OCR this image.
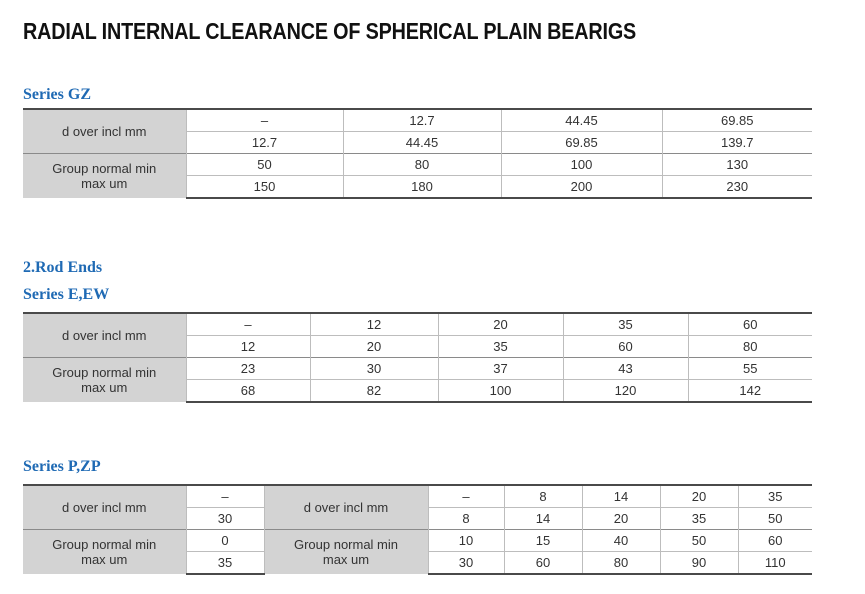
RADIAL INTERNAL CLEARANCE OF SPHERICAL PLAIN BEARIGS
Series GZ
d over incl mm	–	12.7	44.45	69.85
	12.7	44.45	69.85	139.7

Group normal min
max um	50	80	100	130
	150	180	200	230
2.Rod Ends
Series E,EW
d over incl mm	–	12	20	35	60
	12	20	35	60	80

Group normal min
max um	23	30	37	43	55
	68	82	100	120	142
Series P,ZP
d over incl mm	–	d over incl mm	–	8	14	20	35
	30		8	14	20	35	50

Group normal min
max um	0	Group normal min
max um	10	15	40	50	60
	35		30	60	80	90	110
